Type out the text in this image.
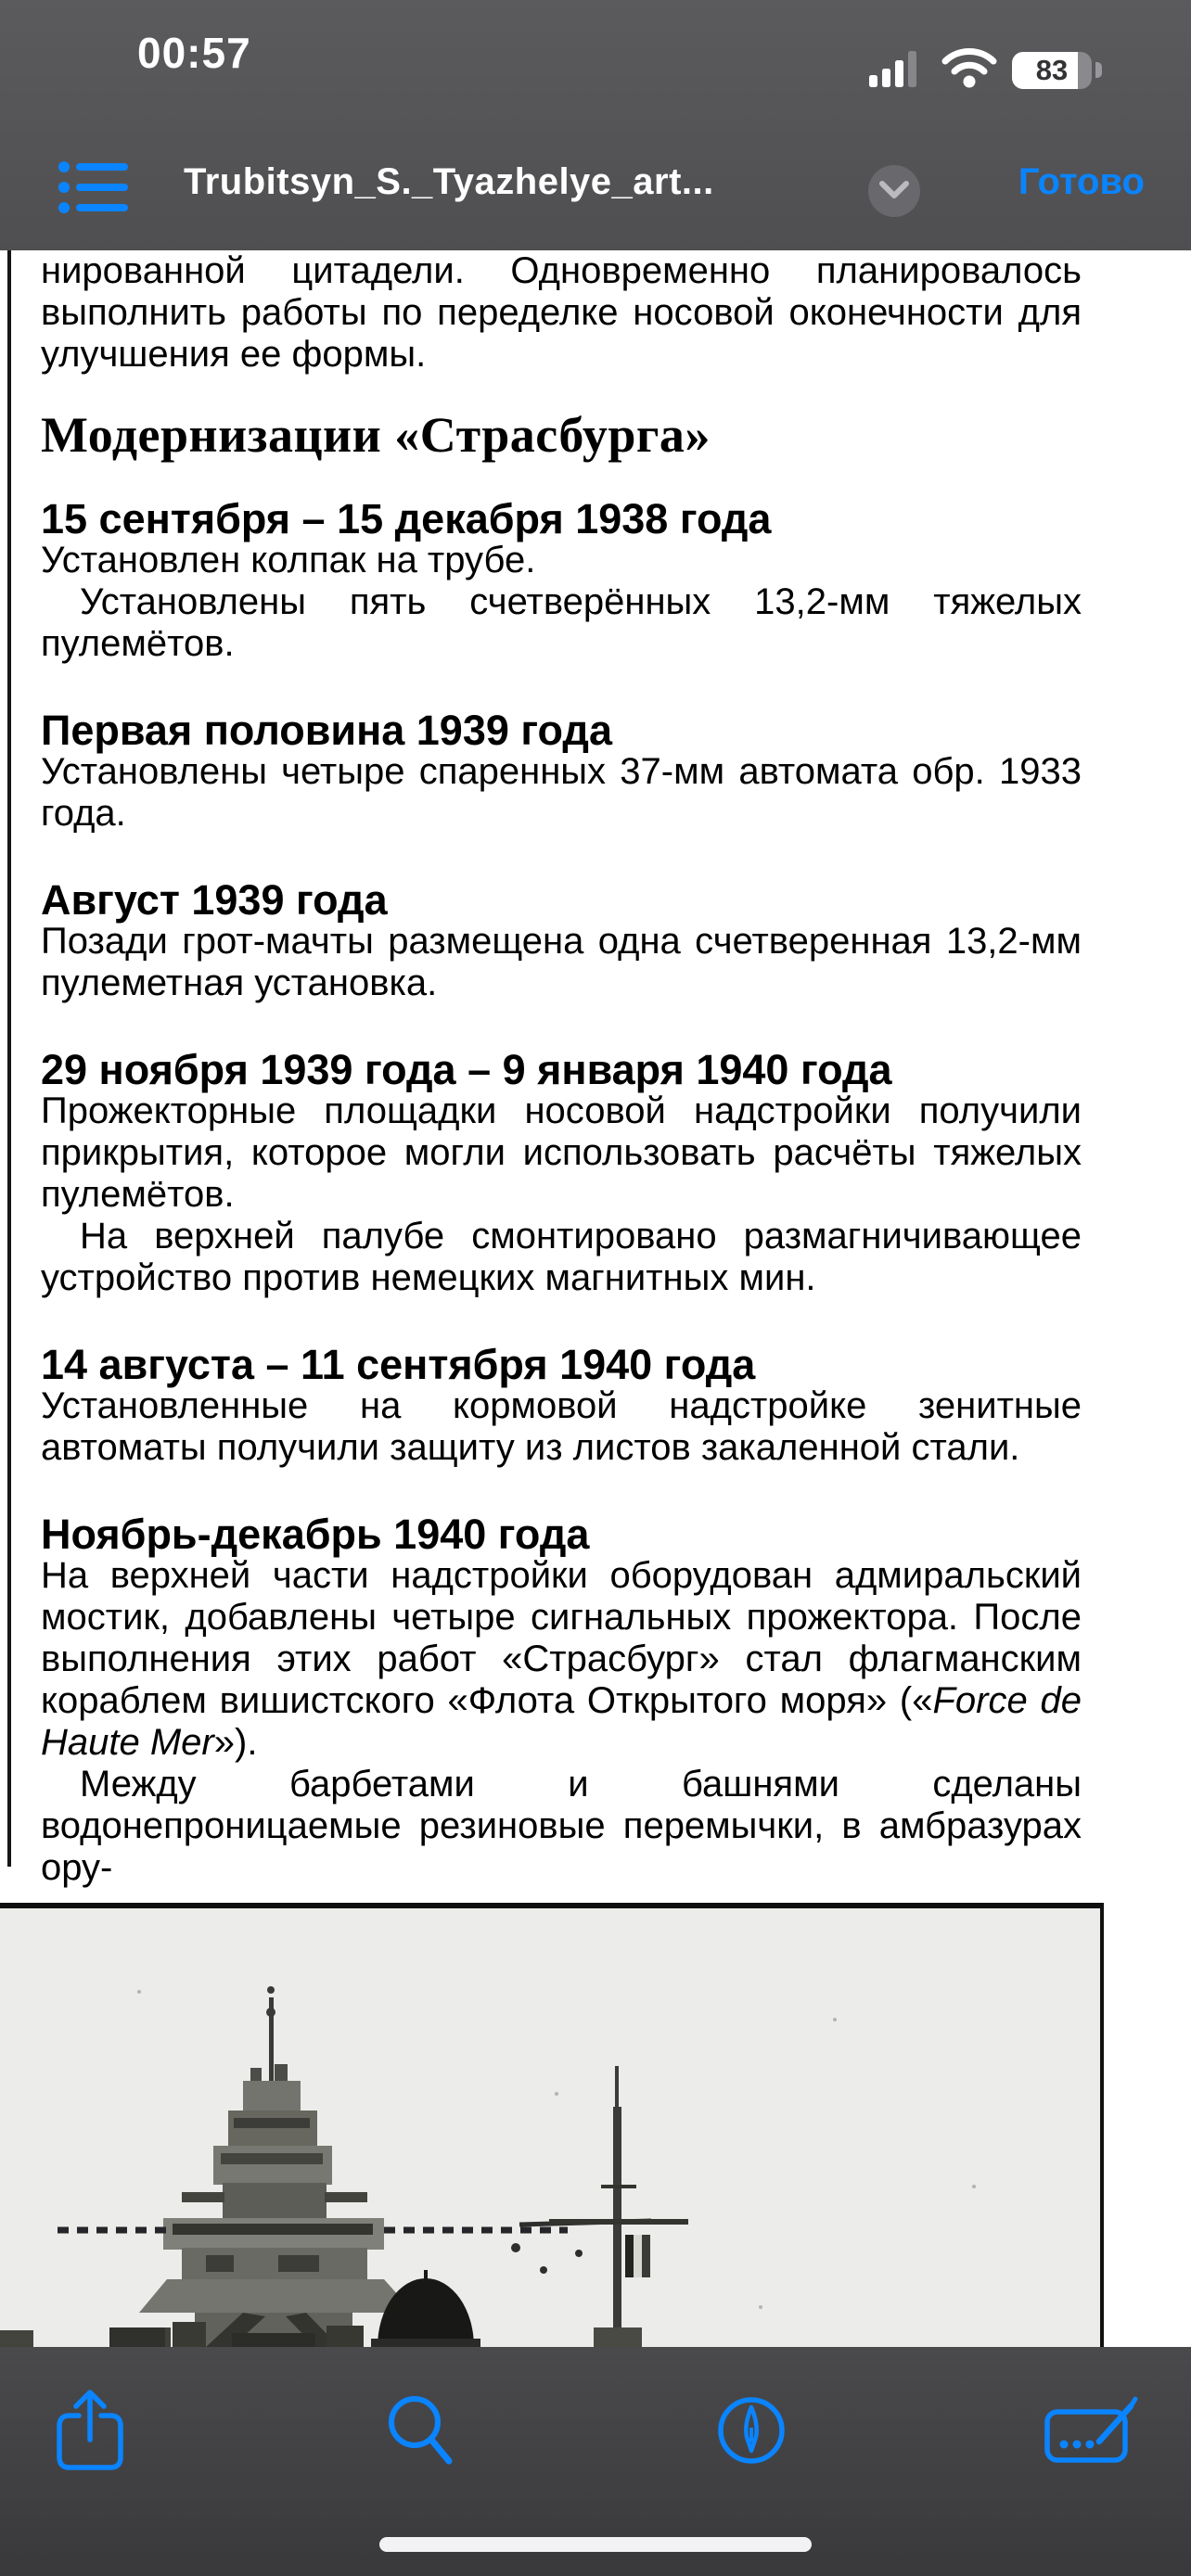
00:57	83
Trubitsyn_S._Tyazhelye_art...	Готово

нированной цитадели. Одновременно планировалось выполнить работы по переделке носовой оконечности для улучшения ее формы.

Модернизации «Страсбурга»
15 сентября – 15 декабря 1938 года

Установлен колпак на трубе.

Установлены пять счетверённых 13,2-мм тяжелых пулемётов.

Первая половина 1939 года

Установлены четыре спаренных 37-мм автомата обр. 1933 года.

Август 1939 года

Позади грот-мачты размещена одна счетверенная 13,2-мм пулеметная установка.

29 ноября 1939 года – 9 января 1940 года

Прожекторные площадки носовой надстройки получили прикрытия, которое могли использовать расчёты тяжелых пулемётов.

На верхней палубе смонтировано размагничивающее устройство против немецких магнитных мин.

14 августа – 11 сентября 1940 года

Установленные на кормовой надстройке зенитные автоматы получили защиту из листов закаленной стали.

Ноябрь-декабрь 1940 года

На верхней части надстройки оборудован адмиральский мостик, добавлены четыре сигнальных прожектора. После выполнения этих работ «Страсбург» стал флагманским кораблем вишистского «Флота Открытого моря» («Force de Haute Mer»).

Между барбетами и башнями сделаны водонепроницаемые резиновые перемычки, в амбразурах ору-
